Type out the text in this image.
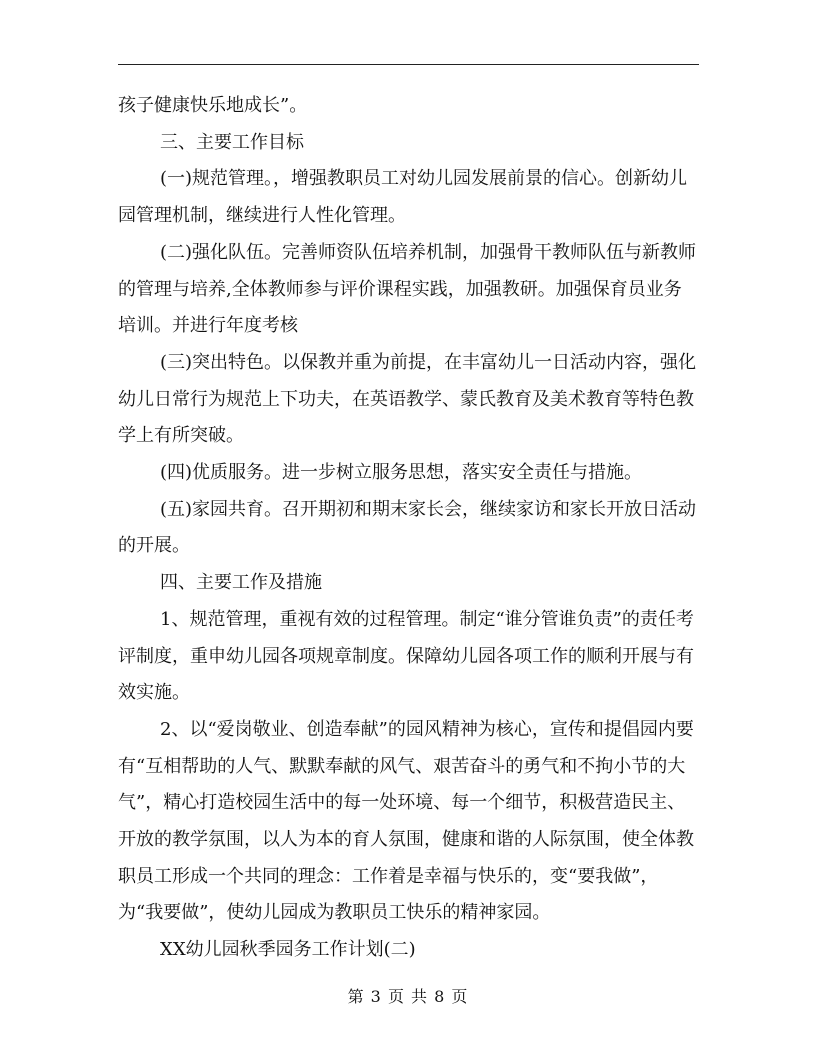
孩子健康快乐地成长”。

三、主要工作目标

(一)规范管理。，增强教职员工对幼儿园发展前景的信心。创新幼儿园管理机制，继续进行人性化管理。

(二)强化队伍。完善师资队伍培养机制，加强骨干教师队伍与新教师的管理与培养,全体教师参与评价课程实践，加强教研。加强保育员业务培训。并进行年度考核

(三)突出特色。以保教并重为前提，在丰富幼儿一日活动内容，强化幼儿日常行为规范上下功夫，在英语教学、蒙氏教育及美术教育等特色教学上有所突破。

(四)优质服务。进一步树立服务思想，落实安全责任与措施。

(五)家园共育。召开期初和期末家长会，继续家访和家长开放日活动的开展。

四、主要工作及措施

1、规范管理，重视有效的过程管理。制定“谁分管谁负责”的责任考评制度，重申幼儿园各项规章制度。保障幼儿园各项工作的顺利开展与有效实施。

2、以“爱岗敬业、创造奉献”的园风精神为核心，宣传和提倡园内要有“互相帮助的人气、默默奉献的风气、艰苦奋斗的勇气和不拘小节的大气”，精心打造校园生活中的每一处环境、每一个细节，积极营造民主、开放的教学氛围，以人为本的育人氛围，健康和谐的人际氛围，使全体教职员工形成一个共同的理念：工作着是幸福与快乐的，变“要我做”，为“我要做”，使幼儿园成为教职员工快乐的精神家园。

XX幼儿园秋季园务工作计划(二)

第 3 页 共 8 页
